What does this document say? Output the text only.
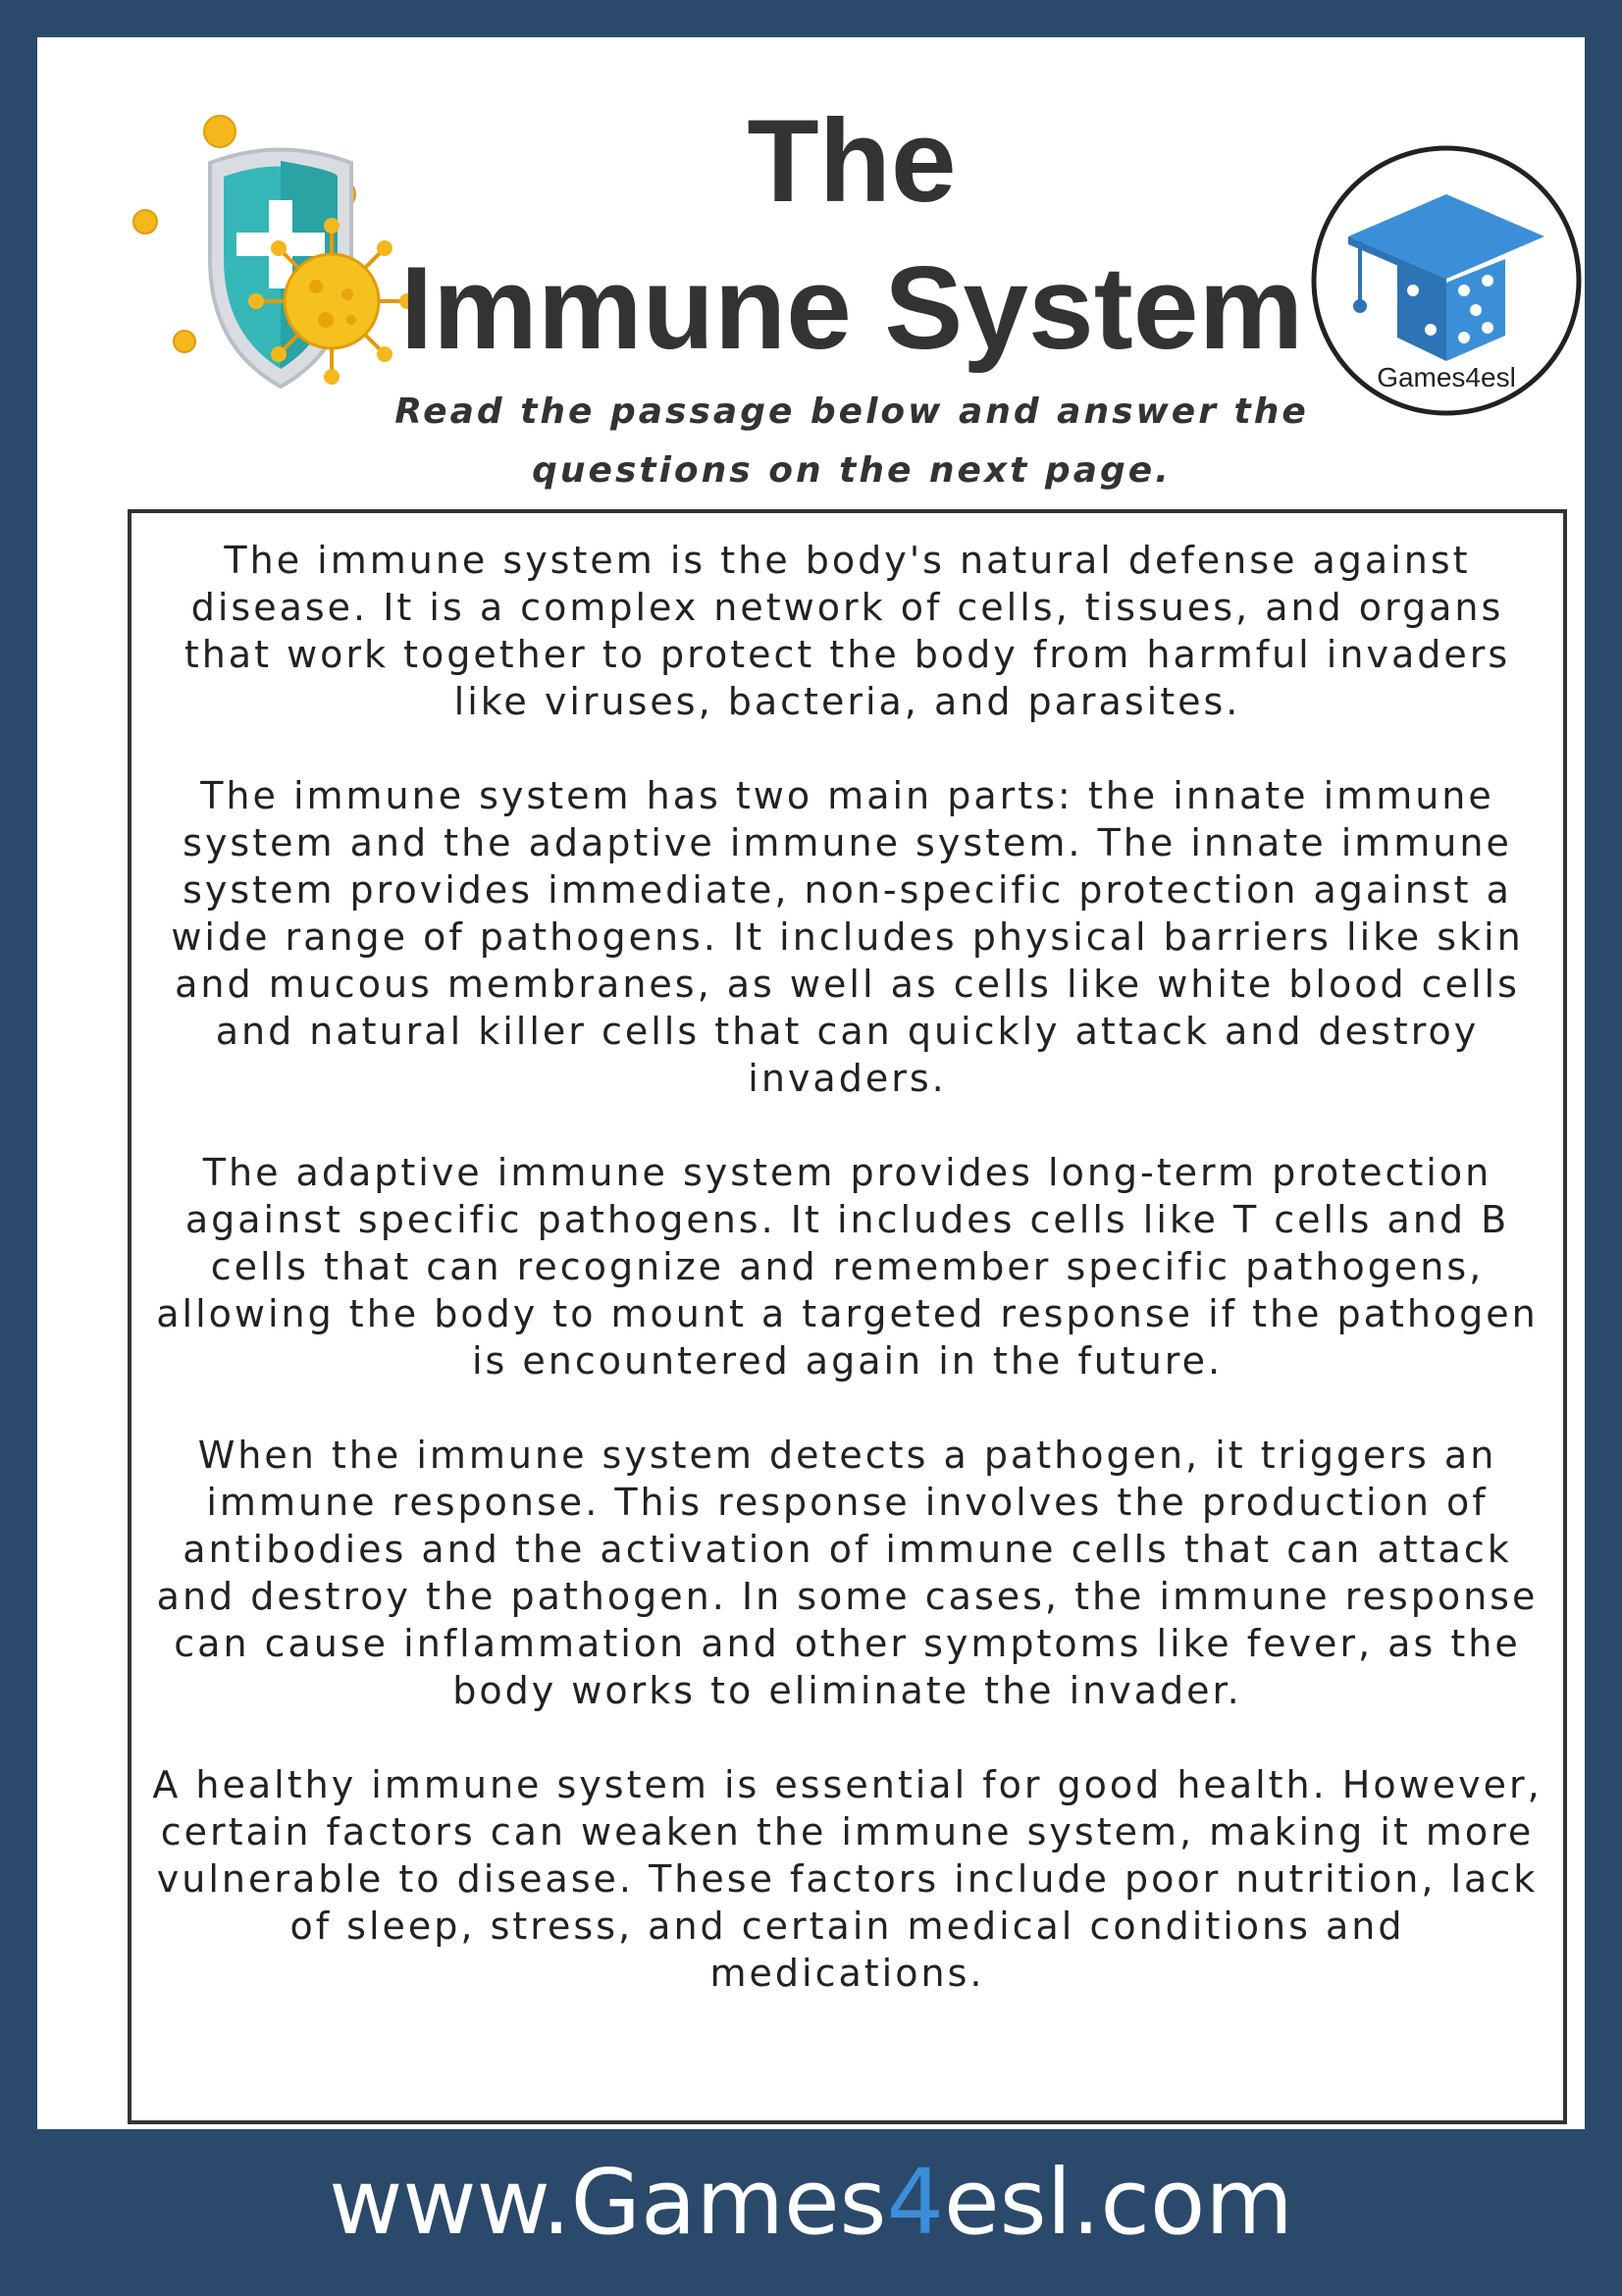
The
Immune System
Games4esl
Read the passage below and answer the
questions on the next page.

The immune system is the body's natural defense against disease. It is a complex network of cells, tissues, and organs that work together to protect the body from harmful invaders like viruses, bacteria, and parasites.

The immune system has two main parts: the innate immune system and the adaptive immune system. The innate immune system provides immediate, non-specific protection against a wide range of pathogens. It includes physical barriers like skin and mucous membranes, as well as cells like white blood cells and natural killer cells that can quickly attack and destroy invaders.

The adaptive immune system provides long-term protection against specific pathogens. It includes cells like T cells and B cells that can recognize and remember specific pathogens, allowing the body to mount a targeted response if the pathogen is encountered again in the future.

When the immune system detects a pathogen, it triggers an immune response. This response involves the production of antibodies and the activation of immune cells that can attack and destroy the pathogen. In some cases, the immune response can cause inflammation and other symptoms like fever, as the body works to eliminate the invader.

A healthy immune system is essential for good health. However, certain factors can weaken the immune system, making it more vulnerable to disease. These factors include poor nutrition, lack of sleep, stress, and certain medical conditions and medications.

www.Games4esl.com
